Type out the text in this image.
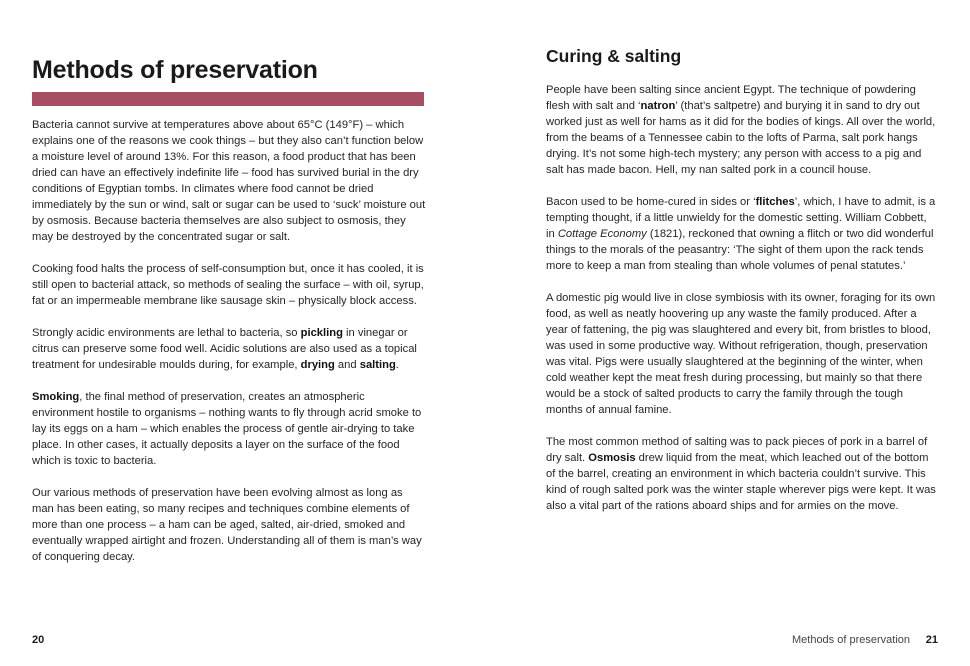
Methods of preservation

Bacteria cannot survive at temperatures above about 65°C (149°F) – which explains one of the reasons we cook things – but they also can’t function below a moisture level of around 13%. For this reason, a food product that has been dried can have an effectively indefinite life – food has survived burial in the dry conditions of Egyptian tombs. In climates where food cannot be dried immediately by the sun or wind, salt or sugar can be used to ‘suck’ moisture out by osmosis. Because bacteria themselves are also subject to osmosis, they may be destroyed by the concentrated sugar or salt.

Cooking food halts the process of self-consumption but, once it has cooled, it is still open to bacterial attack, so methods of sealing the surface – with oil, syrup, fat or an impermeable membrane like sausage skin – physically block access.

Strongly acidic environments are lethal to bacteria, so pickling in vinegar or citrus can preserve some food well. Acidic solutions are also used as a topical treatment for undesirable moulds during, for example, drying and salting.

Smoking, the final method of preservation, creates an atmospheric environment hostile to organisms – nothing wants to fly through acrid smoke to lay its eggs on a ham – which enables the process of gentle air-drying to take place. In other cases, it actually deposits a layer on the surface of the food which is toxic to bacteria.

Our various methods of preservation have been evolving almost as long as man has been eating, so many recipes and techniques combine elements of more than one process – a ham can be aged, salted, air-dried, smoked and eventually wrapped airtight and frozen. Understanding all of them is man’s way of conquering decay.

20
Curing & salting

People have been salting since ancient Egypt. The technique of powdering flesh with salt and ‘natron’ (that’s saltpetre) and burying it in sand to dry out worked just as well for hams as it did for the bodies of kings. All over the world, from the beams of a Tennessee cabin to the lofts of Parma, salt pork hangs drying. It’s not some high-tech mystery; any person with access to a pig and salt has made bacon. Hell, my nan salted pork in a council house.

Bacon used to be home-cured in sides or ‘flitches’, which, I have to admit, is a tempting thought, if a little unwieldy for the domestic setting. William Cobbett, in Cottage Economy (1821), reckoned that owning a flitch or two did wonderful things to the morals of the peasantry: ‘The sight of them upon the rack tends more to keep a man from stealing than whole volumes of penal statutes.’

A domestic pig would live in close symbiosis with its owner, foraging for its own food, as well as neatly hoovering up any waste the family produced. After a year of fattening, the pig was slaughtered and every bit, from bristles to blood, was used in some productive way. Without refrigeration, though, preservation was vital. Pigs were usually slaughtered at the beginning of the winter, when cold weather kept the meat fresh during processing, but mainly so that there would be a stock of salted products to carry the family through the tough months of annual famine.

The most common method of salting was to pack pieces of pork in a barrel of dry salt. Osmosis drew liquid from the meat, which leached out of the bottom of the barrel, creating an environment in which bacteria couldn’t survive. This kind of rough salted pork was the winter staple wherever pigs were kept. It was also a vital part of the rations aboard ships and for armies on the move.

Methods of preservation 21
